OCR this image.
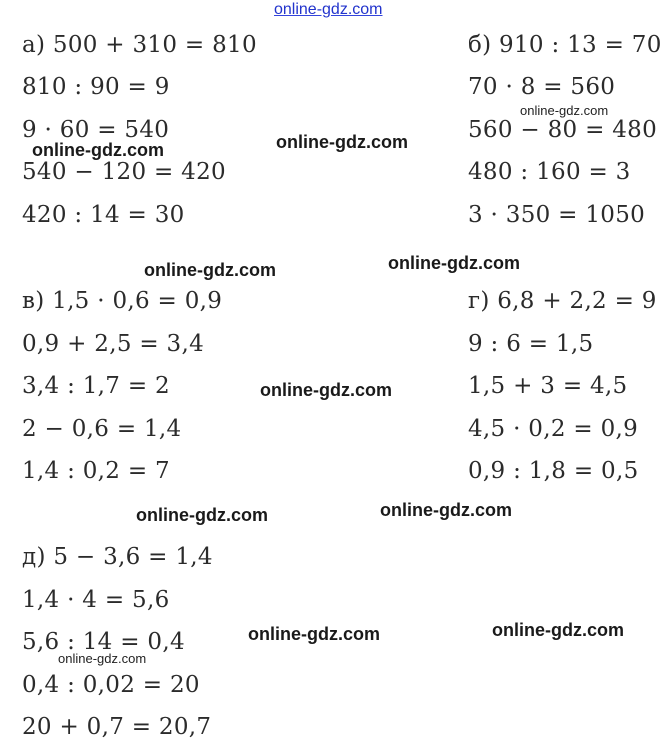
online-gdz.com
а) 500 + 310 = 810
810 : 90 = 9
9 · 60 = 540
540 − 120 = 420
420 : 14 = 30
б) 910 : 13 = 70
70 · 8 = 560
560 − 80 = 480
480 : 160 = 3
3 · 350 = 1050
в) 1,5 · 0,6 = 0,9
0,9 + 2,5 = 3,4
3,4 : 1,7 = 2
2 − 0,6 = 1,4
1,4 : 0,2 = 7
г) 6,8 + 2,2 = 9
9 : 6 = 1,5
1,5 + 3 = 4,5
4,5 · 0,2 = 0,9
0,9 : 1,8 = 0,5
д) 5 − 3,6 = 1,4
1,4 · 4 = 5,6
5,6 : 14 = 0,4
0,4 : 0,02 = 20
20 + 0,7 = 20,7
online-gdz.com	online-gdz.com
online-gdz.com
online-gdz.com	online-gdz.com
online-gdz.com
online-gdz.com	online-gdz.com
online-gdz.com	online-gdz.com
online-gdz.com
